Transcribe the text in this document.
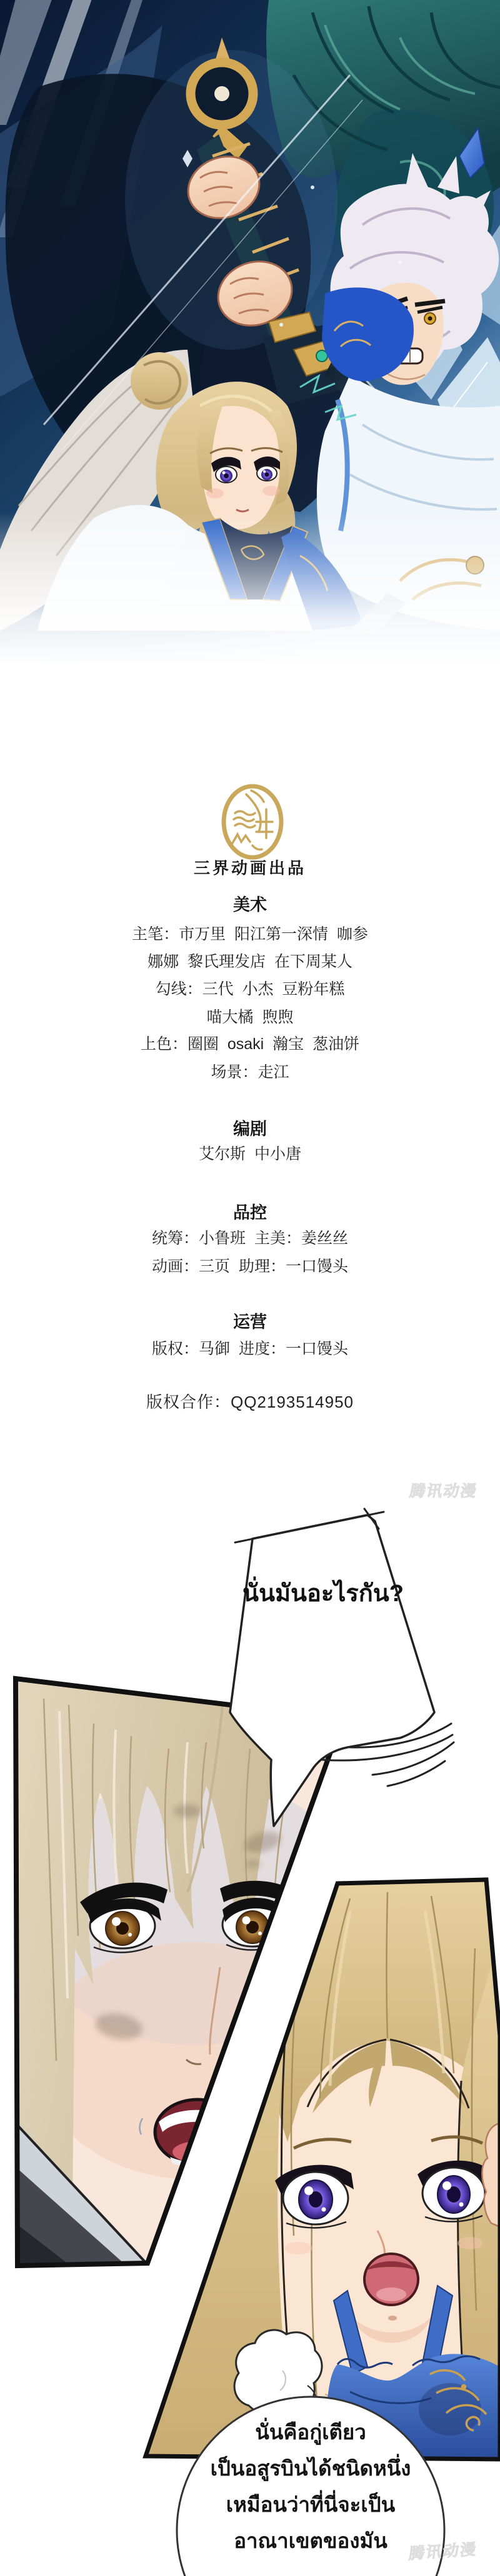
三界动画出品
美术
主笔：市万里  阳江第一深情  咖参
娜娜  黎氏理发店  在下周某人
勾线：三代  小杰  豆粉年糕
喵大橘  煦煦
上色：圈圈  osaki  瀚宝  葱油饼
场景：走江
编剧
艾尔斯  中小唐
品控
统筹：小鲁班  主美：姜丝丝
动画：三页  助理：一口馒头
运营
版权：马御  进度：一口馒头
版权合作：QQ2193514950
腾讯动漫
นั่นมันอะไรกัน?
นั่นคือกู่เตียว
เป็นอสูรบินได้ชนิดหนึ่ง
เหมือนว่าที่นี่จะเป็น
อาณาเขตของมัน	腾讯动漫
